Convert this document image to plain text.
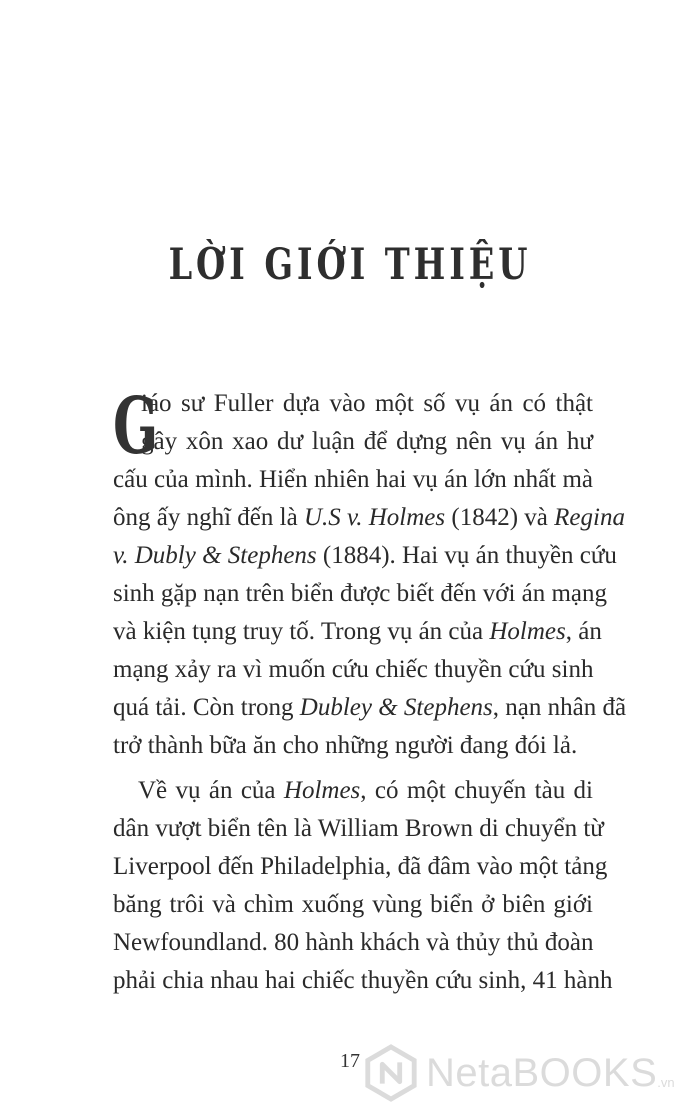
LỜI GIỚI THIỆU
G
iáo sư Fuller dựa vào một số vụ án có thật
gây xôn xao dư luận để dựng nên vụ án hư
cấu của mình. Hiển nhiên hai vụ án lớn nhất mà
ông ấy nghĩ đến là U.S v. Holmes (1842) và Regina
v. Dubly & Stephens (1884). Hai vụ án thuyền cứu
sinh gặp nạn trên biển được biết đến với án mạng
và kiện tụng truy tố. Trong vụ án của Holmes, án
mạng xảy ra vì muốn cứu chiếc thuyền cứu sinh
quá tải. Còn trong Dubley & Stephens, nạn nhân đã
trở thành bữa ăn cho những người đang đói lả.
Về vụ án của Holmes, có một chuyến tàu di
dân vượt biển tên là William Brown di chuyển từ
Liverpool đến Philadelphia, đã đâm vào một tảng
băng trôi và chìm xuống vùng biển ở biên giới
Newfoundland. 80 hành khách và thủy thủ đoàn
phải chia nhau hai chiếc thuyền cứu sinh, 41 hành
17	NetaBOOKS .vn
